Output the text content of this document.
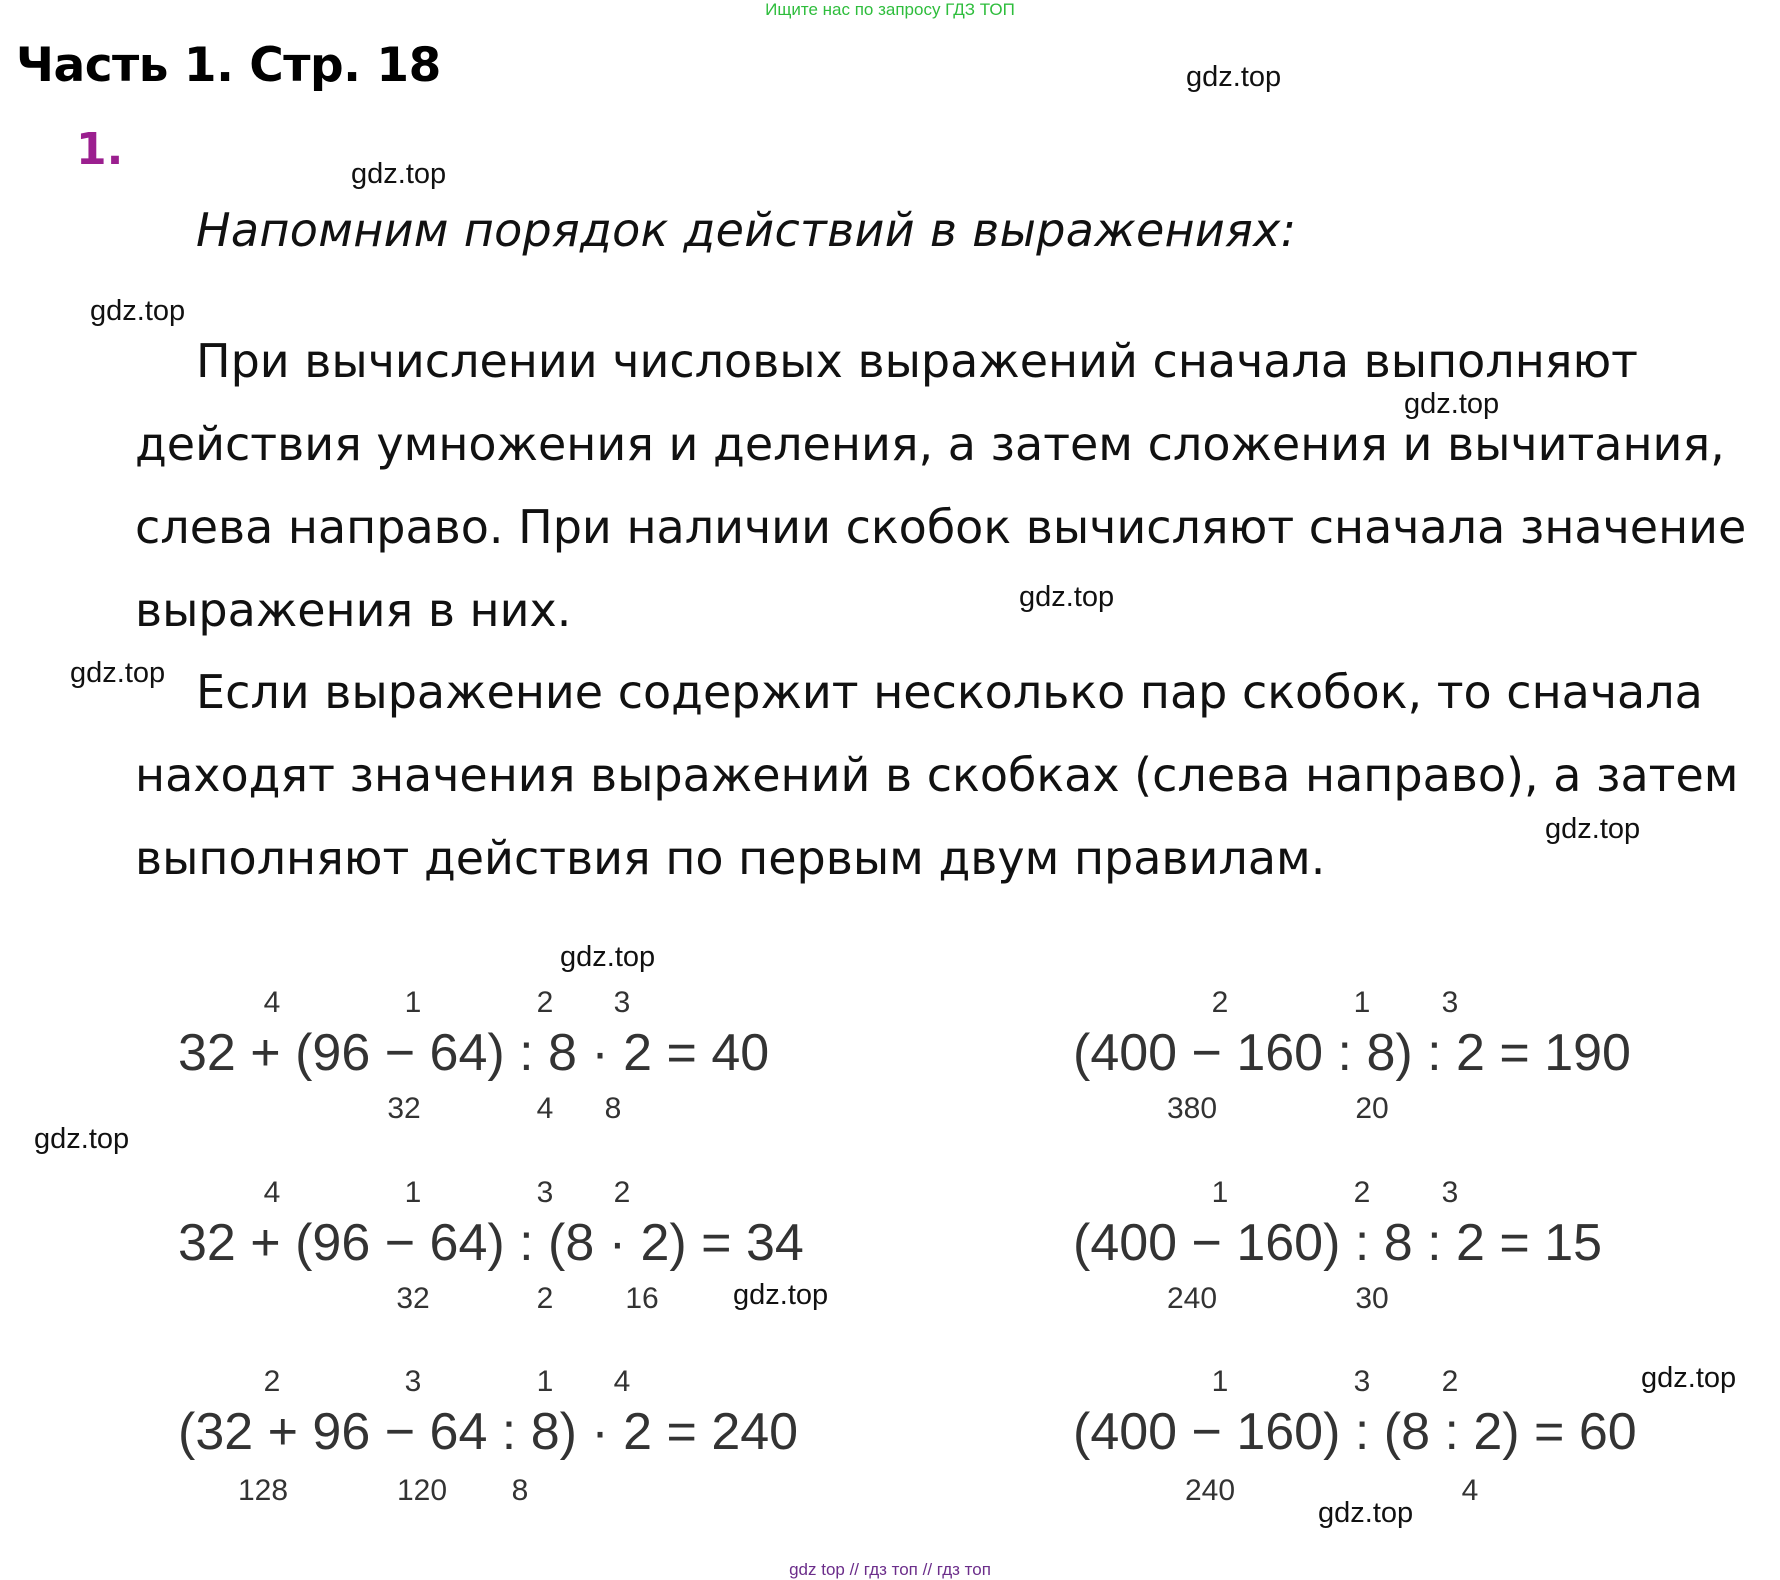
Ищите нас по запросу ГДЗ ТОП
Часть 1. Стр. 18
1.
Напомним порядок действий в выражениях:
При вычислении числовых выражений сначала выполняют
действия умножения и деления, а затем сложения и вычитания,
слева направо. При наличии скобок вычисляют сначала значение
выражения в них.
Если выражение содержит несколько пар скобок, то сначала
находят значения выражений в скобках (слева направо), а затем
выполняют действия по первым двум правилам.
4	1	2 3
32 + (96 − 64) : 8 · 2 = 40
32	4 8
2	1 3
(400 − 160 : 8) : 2 = 190
380	20
4	1	3 2
32 + (96 − 64) : (8 · 2) = 34
32	2 16
1	2 3
(400 − 160) : 8 : 2 = 15
240	30
2	3	1 4
(32 + 96 − 64 : 8) · 2 = 240
128	120 8
1	3 2
(400 − 160) : (8 : 2) = 60
240	4
gdz.top
gdz.top
gdz.top
gdz.top
gdz.top
gdz.top
gdz.top
gdz.top
gdz.top
gdz.top
gdz.top
gdz.top
gdz top // гдз топ // гдз топ
